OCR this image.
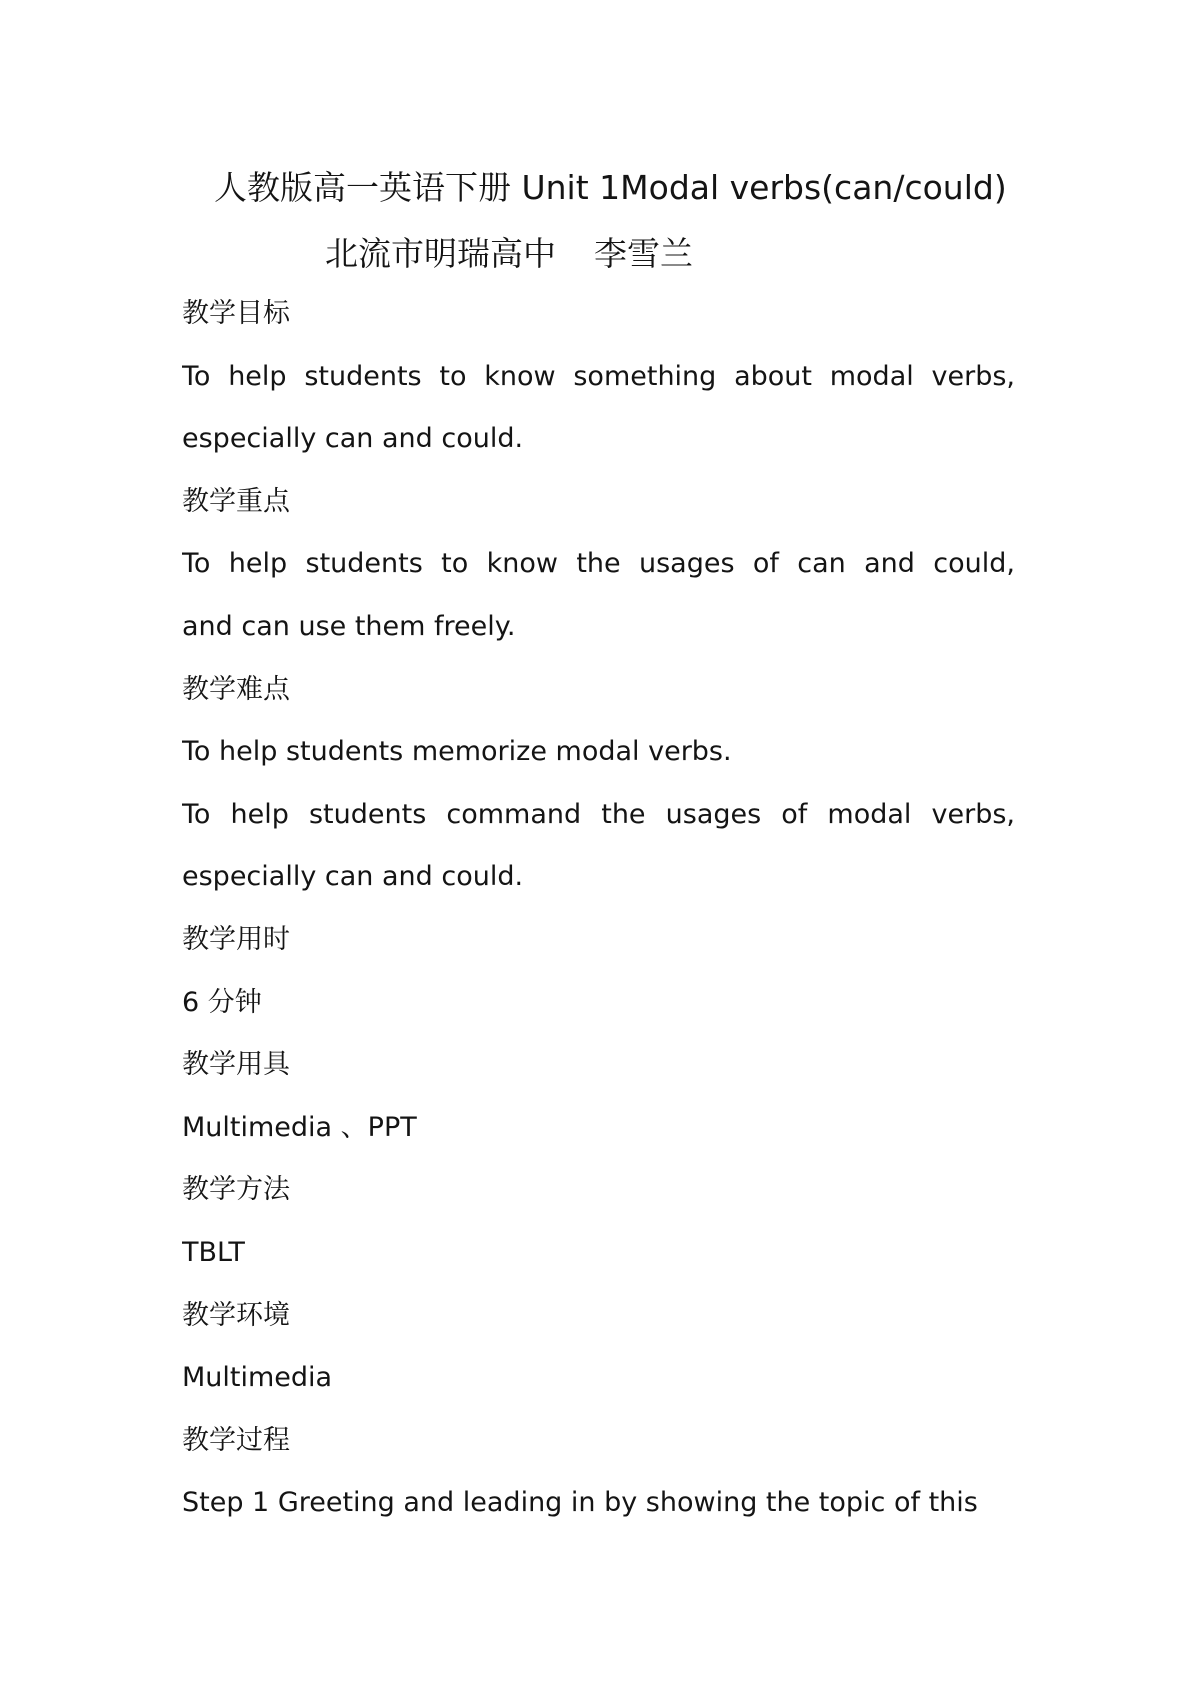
人教版高一英语下册 Unit 1Modal verbs(can/could)
北流市明瑞高中 李雪兰
教学目标
To help students to know something about modal verbs,
especially can and could.
教学重点
To help students to know the usages of can and could,
and can use them freely.
教学难点
To help students memorize modal verbs.
To help students command the usages of modal verbs,
especially can and could.
教学用时
6 分钟
教学用具
Multimedia 、PPT
教学方法
TBLT
教学环境
Multimedia
教学过程
Step 1 Greeting and leading in by showing the topic of this
